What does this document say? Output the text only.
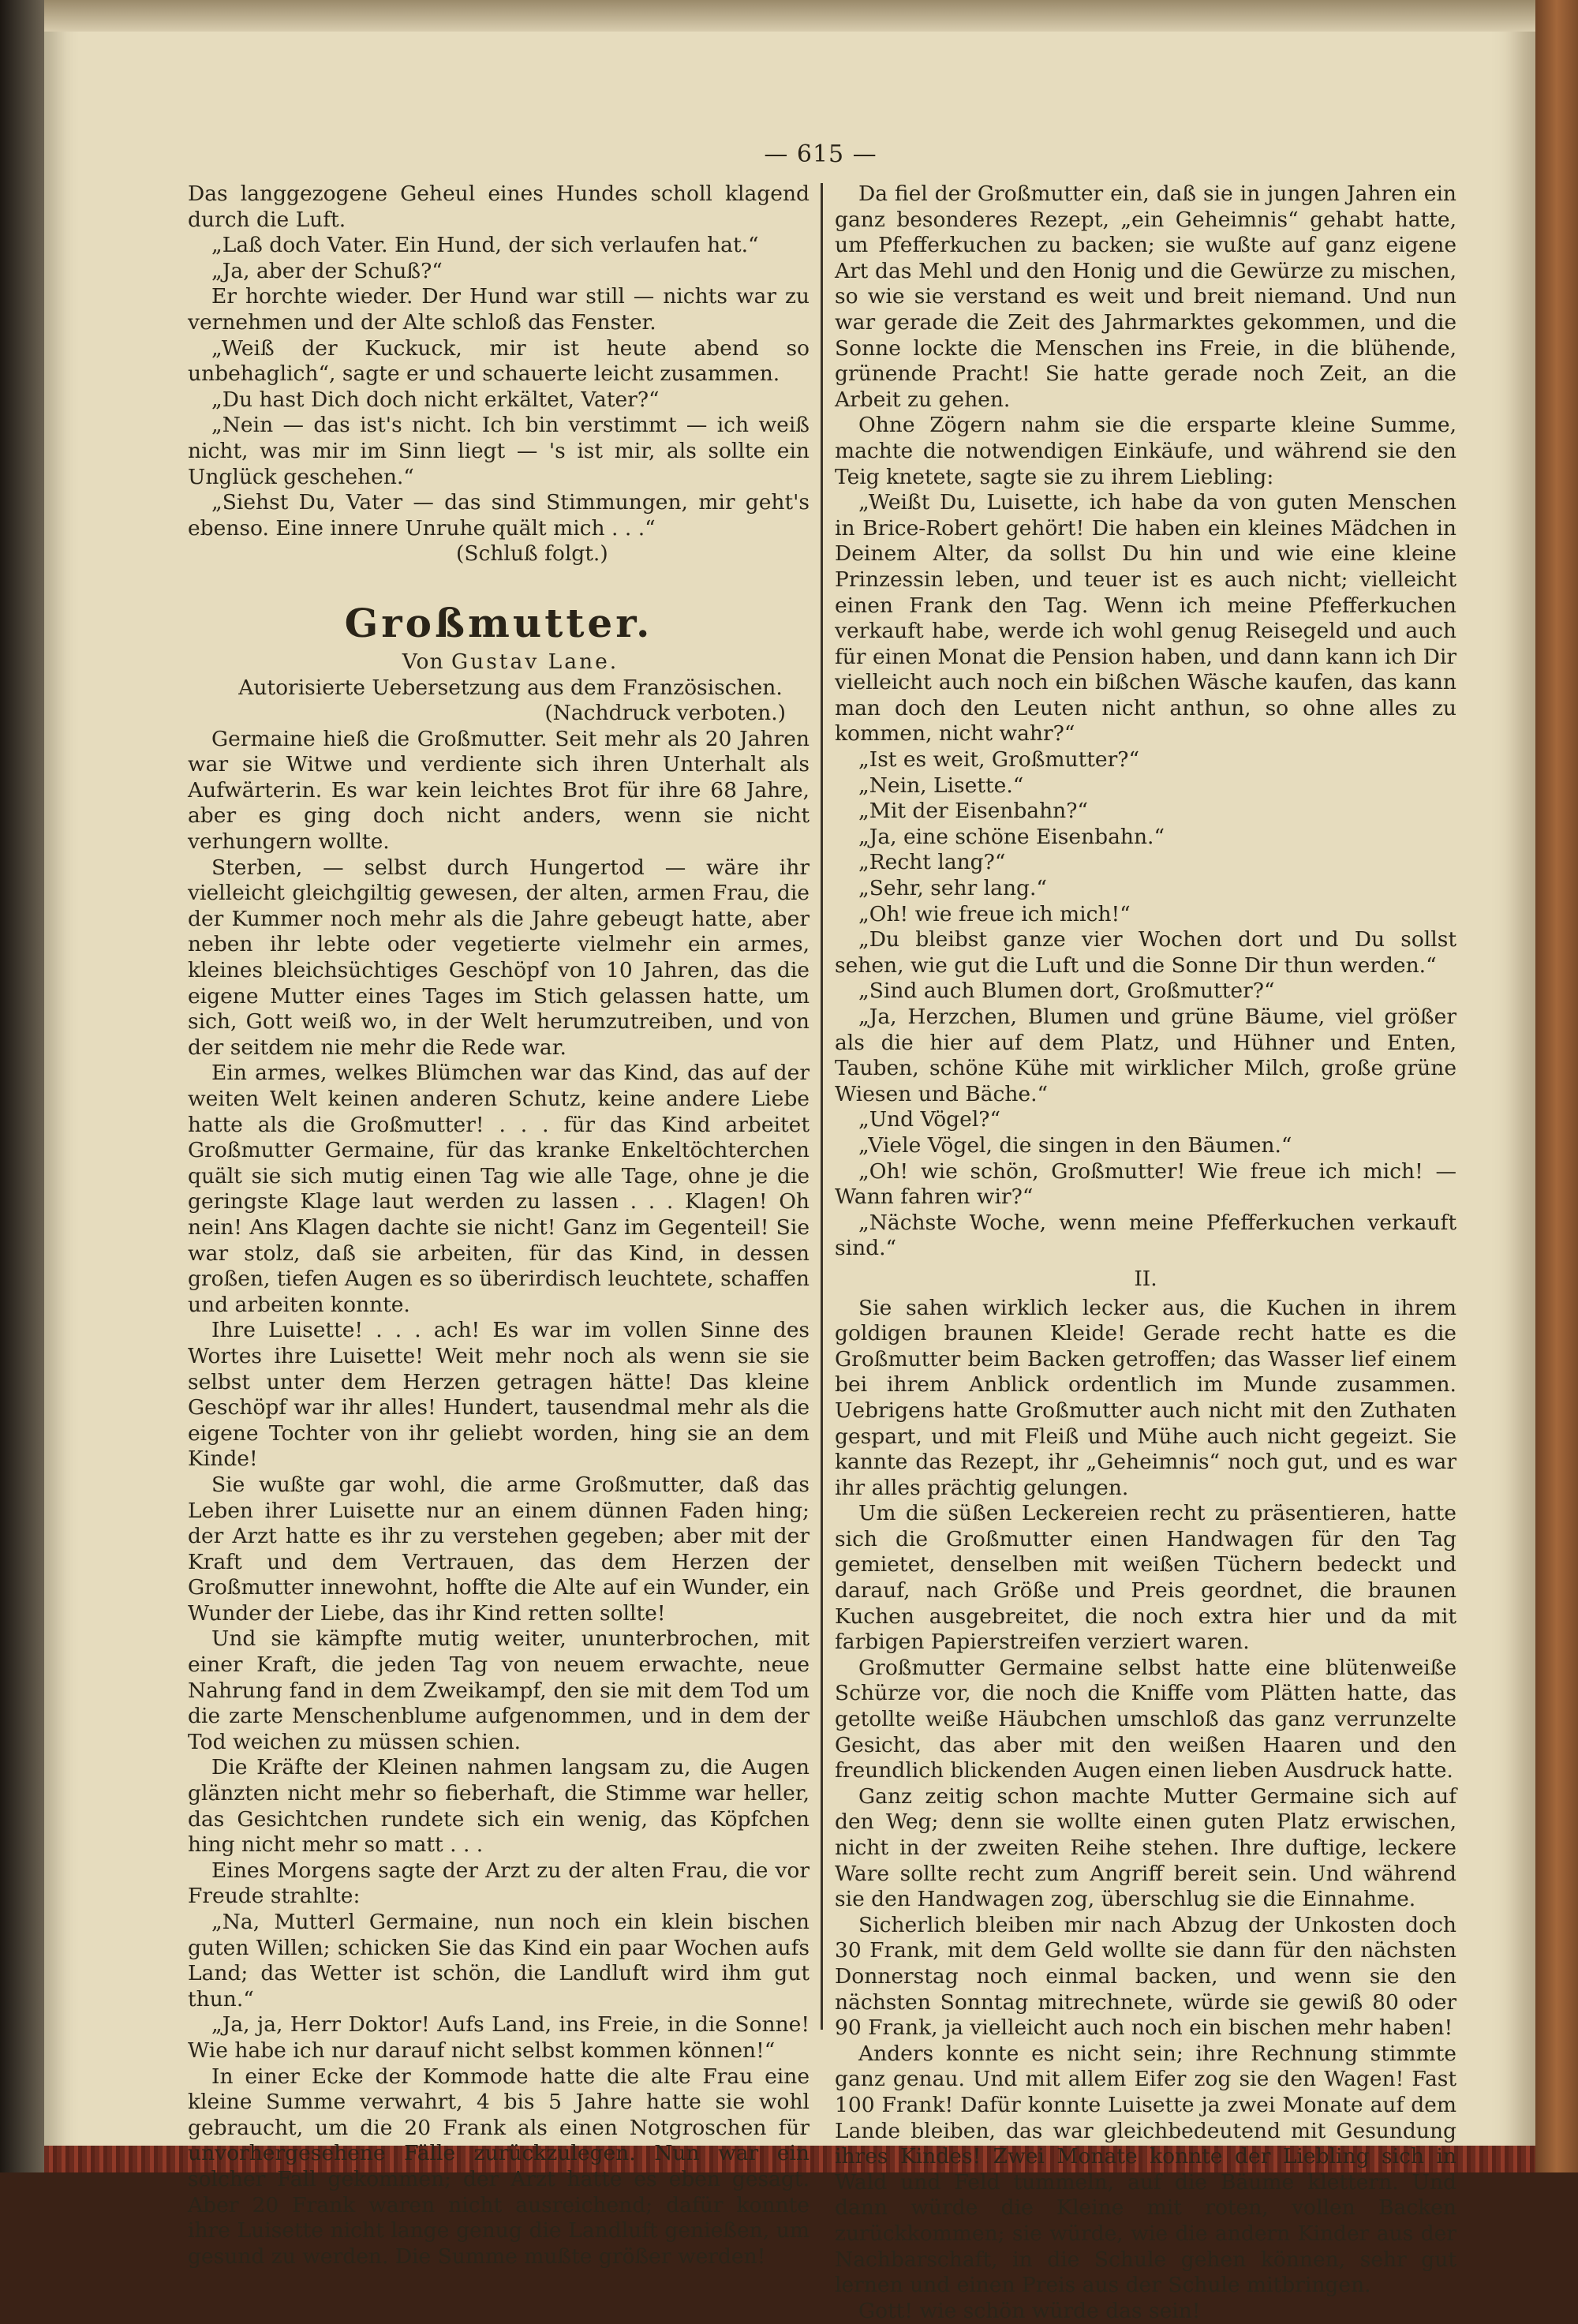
— 615 —

Das langgezogene Geheul eines Hundes scholl klagend durch die Luft.

„Laß doch Vater. Ein Hund, der sich verlaufen hat.“

„Ja, aber der Schuß?“

Er horchte wieder. Der Hund war still — nichts war zu vernehmen und der Alte schloß das Fenster.

„Weiß der Kuckuck, mir ist heute abend so unbehaglich“, sagte er und schauerte leicht zusammen.

„Du hast Dich doch nicht erkältet, Vater?“

„Nein — das ist's nicht. Ich bin verstimmt — ich weiß nicht, was mir im Sinn liegt — 's ist mir, als sollte ein Unglück geschehen.“

„Siehst Du, Vater — das sind Stimmungen, mir geht's ebenso. Eine innere Unruhe quält mich . . .“

(Schluß folgt.)

Großmutter.

Von Gustav Lane.

Autorisierte Uebersetzung aus dem Französischen.

(Nachdruck verboten.)

Germaine hieß die Großmutter. Seit mehr als 20 Jahren war sie Witwe und verdiente sich ihren Unterhalt als Aufwärterin. Es war kein leichtes Brot für ihre 68 Jahre, aber es ging doch nicht anders, wenn sie nicht verhungern wollte.

Sterben, — selbst durch Hungertod — wäre ihr vielleicht gleichgiltig gewesen, der alten, armen Frau, die der Kummer noch mehr als die Jahre gebeugt hatte, aber neben ihr lebte oder vegetierte vielmehr ein armes, kleines bleichsüchtiges Geschöpf von 10 Jahren, das die eigene Mutter eines Tages im Stich gelassen hatte, um sich, Gott weiß wo, in der Welt herumzutreiben, und von der seitdem nie mehr die Rede war.

Ein armes, welkes Blümchen war das Kind, das auf der weiten Welt keinen anderen Schutz, keine andere Liebe hatte als die Großmutter! . . . für das Kind arbeitet Großmutter Germaine, für das kranke Enkeltöchterchen quält sie sich mutig einen Tag wie alle Tage, ohne je die geringste Klage laut werden zu lassen . . . Klagen! Oh nein! Ans Klagen dachte sie nicht! Ganz im Gegenteil! Sie war stolz, daß sie arbeiten, für das Kind, in dessen großen, tiefen Augen es so überirdisch leuchtete, schaffen und arbeiten konnte.

Ihre Luisette! . . . ach! Es war im vollen Sinne des Wortes ihre Luisette! Weit mehr noch als wenn sie sie selbst unter dem Herzen getragen hätte! Das kleine Geschöpf war ihr alles! Hundert, tausendmal mehr als die eigene Tochter von ihr geliebt worden, hing sie an dem Kinde!

Sie wußte gar wohl, die arme Großmutter, daß das Leben ihrer Luisette nur an einem dünnen Faden hing; der Arzt hatte es ihr zu verstehen gegeben; aber mit der Kraft und dem Vertrauen, das dem Herzen der Großmutter innewohnt, hoffte die Alte auf ein Wunder, ein Wunder der Liebe, das ihr Kind retten sollte!

Und sie kämpfte mutig weiter, ununterbrochen, mit einer Kraft, die jeden Tag von neuem erwachte, neue Nahrung fand in dem Zweikampf, den sie mit dem Tod um die zarte Menschenblume aufgenommen, und in dem der Tod weichen zu müssen schien.

Die Kräfte der Kleinen nahmen langsam zu, die Augen glänzten nicht mehr so fieberhaft, die Stimme war heller, das Gesichtchen rundete sich ein wenig, das Köpfchen hing nicht mehr so matt . . .

Eines Morgens sagte der Arzt zu der alten Frau, die vor Freude strahlte:

„Na, Mutterl Germaine, nun noch ein klein bischen guten Willen; schicken Sie das Kind ein paar Wochen aufs Land; das Wetter ist schön, die Landluft wird ihm gut thun.“

„Ja, ja, Herr Doktor! Aufs Land, ins Freie, in die Sonne! Wie habe ich nur darauf nicht selbst kommen können!“

In einer Ecke der Kommode hatte die alte Frau eine kleine Summe verwahrt, 4 bis 5 Jahre hatte sie wohl gebraucht, um die 20 Frank als einen Notgroschen für unvorhergesehene Fälle zurückzulegen. Nun war ein solcher Fall gekommen; der Arzt hatte es eben gesagt. Aber 20 Frank waren nicht ausreichend; dafür konnte ihre Luisette nicht lange genug die Landluft genießen, um gesund zu werden. Die Summe mußte größer werden!

Da fiel der Großmutter ein, daß sie in jungen Jahren ein ganz besonderes Rezept, „ein Geheimnis“ gehabt hatte, um Pfefferkuchen zu backen; sie wußte auf ganz eigene Art das Mehl und den Honig und die Gewürze zu mischen, so wie sie verstand es weit und breit niemand. Und nun war gerade die Zeit des Jahrmarktes gekommen, und die Sonne lockte die Menschen ins Freie, in die blühende, grünende Pracht! Sie hatte gerade noch Zeit, an die Arbeit zu gehen.

Ohne Zögern nahm sie die ersparte kleine Summe, machte die notwendigen Einkäufe, und während sie den Teig knetete, sagte sie zu ihrem Liebling:

„Weißt Du, Luisette, ich habe da von guten Menschen in Brice-Robert gehört! Die haben ein kleines Mädchen in Deinem Alter, da sollst Du hin und wie eine kleine Prinzessin leben, und teuer ist es auch nicht; vielleicht einen Frank den Tag. Wenn ich meine Pfefferkuchen verkauft habe, werde ich wohl genug Reisegeld und auch für einen Monat die Pension haben, und dann kann ich Dir vielleicht auch noch ein bißchen Wäsche kaufen, das kann man doch den Leuten nicht anthun, so ohne alles zu kommen, nicht wahr?“

„Ist es weit, Großmutter?“

„Nein, Lisette.“

„Mit der Eisenbahn?“

„Ja, eine schöne Eisenbahn.“

„Recht lang?“

„Sehr, sehr lang.“

„Oh! wie freue ich mich!“

„Du bleibst ganze vier Wochen dort und Du sollst sehen, wie gut die Luft und die Sonne Dir thun werden.“

„Sind auch Blumen dort, Großmutter?“

„Ja, Herzchen, Blumen und grüne Bäume, viel größer als die hier auf dem Platz, und Hühner und Enten, Tauben, schöne Kühe mit wirklicher Milch, große grüne Wiesen und Bäche.“

„Und Vögel?“

„Viele Vögel, die singen in den Bäumen.“

„Oh! wie schön, Großmutter! Wie freue ich mich! — Wann fahren wir?“

„Nächste Woche, wenn meine Pfefferkuchen verkauft sind.“

II.

Sie sahen wirklich lecker aus, die Kuchen in ihrem goldigen braunen Kleide! Gerade recht hatte es die Großmutter beim Backen getroffen; das Wasser lief einem bei ihrem Anblick ordentlich im Munde zusammen. Uebrigens hatte Großmutter auch nicht mit den Zuthaten gespart, und mit Fleiß und Mühe auch nicht gegeizt. Sie kannte das Rezept, ihr „Geheimnis“ noch gut, und es war ihr alles prächtig gelungen.

Um die süßen Leckereien recht zu präsentieren, hatte sich die Großmutter einen Handwagen für den Tag gemietet, denselben mit weißen Tüchern bedeckt und darauf, nach Größe und Preis geordnet, die braunen Kuchen ausgebreitet, die noch extra hier und da mit farbigen Papierstreifen verziert waren.

Großmutter Germaine selbst hatte eine blütenweiße Schürze vor, die noch die Kniffe vom Plätten hatte, das getollte weiße Häubchen umschloß das ganz verrunzelte Gesicht, das aber mit den weißen Haaren und den freundlich blickenden Augen einen lieben Ausdruck hatte.

Ganz zeitig schon machte Mutter Germaine sich auf den Weg; denn sie wollte einen guten Platz erwischen, nicht in der zweiten Reihe stehen. Ihre duftige, leckere Ware sollte recht zum Angriff bereit sein. Und während sie den Handwagen zog, überschlug sie die Einnahme.

Sicherlich bleiben mir nach Abzug der Unkosten doch 30 Frank, mit dem Geld wollte sie dann für den nächsten Donnerstag noch einmal backen, und wenn sie den nächsten Sonntag mitrechnete, würde sie gewiß 80 oder 90 Frank, ja vielleicht auch noch ein bischen mehr haben!

Anders konnte es nicht sein; ihre Rechnung stimmte ganz genau. Und mit allem Eifer zog sie den Wagen! Fast 100 Frank! Dafür konnte Luisette ja zwei Monate auf dem Lande bleiben, das war gleichbedeutend mit Gesundung ihres Kindes! Zwei Monate konnte der Liebling sich in Wald und Feld tummeln, auf die Bäume klettern. Und dann würde die Kleine mit roten, vollen Backen zurückkommen; sie würde, wie die andern Kinder aus der Nachbarschaft, in die Schule gehen können, sehr gut lernen und einen Preis aus der Schule mitbringen.

Gott! wie schön würde das sein!
